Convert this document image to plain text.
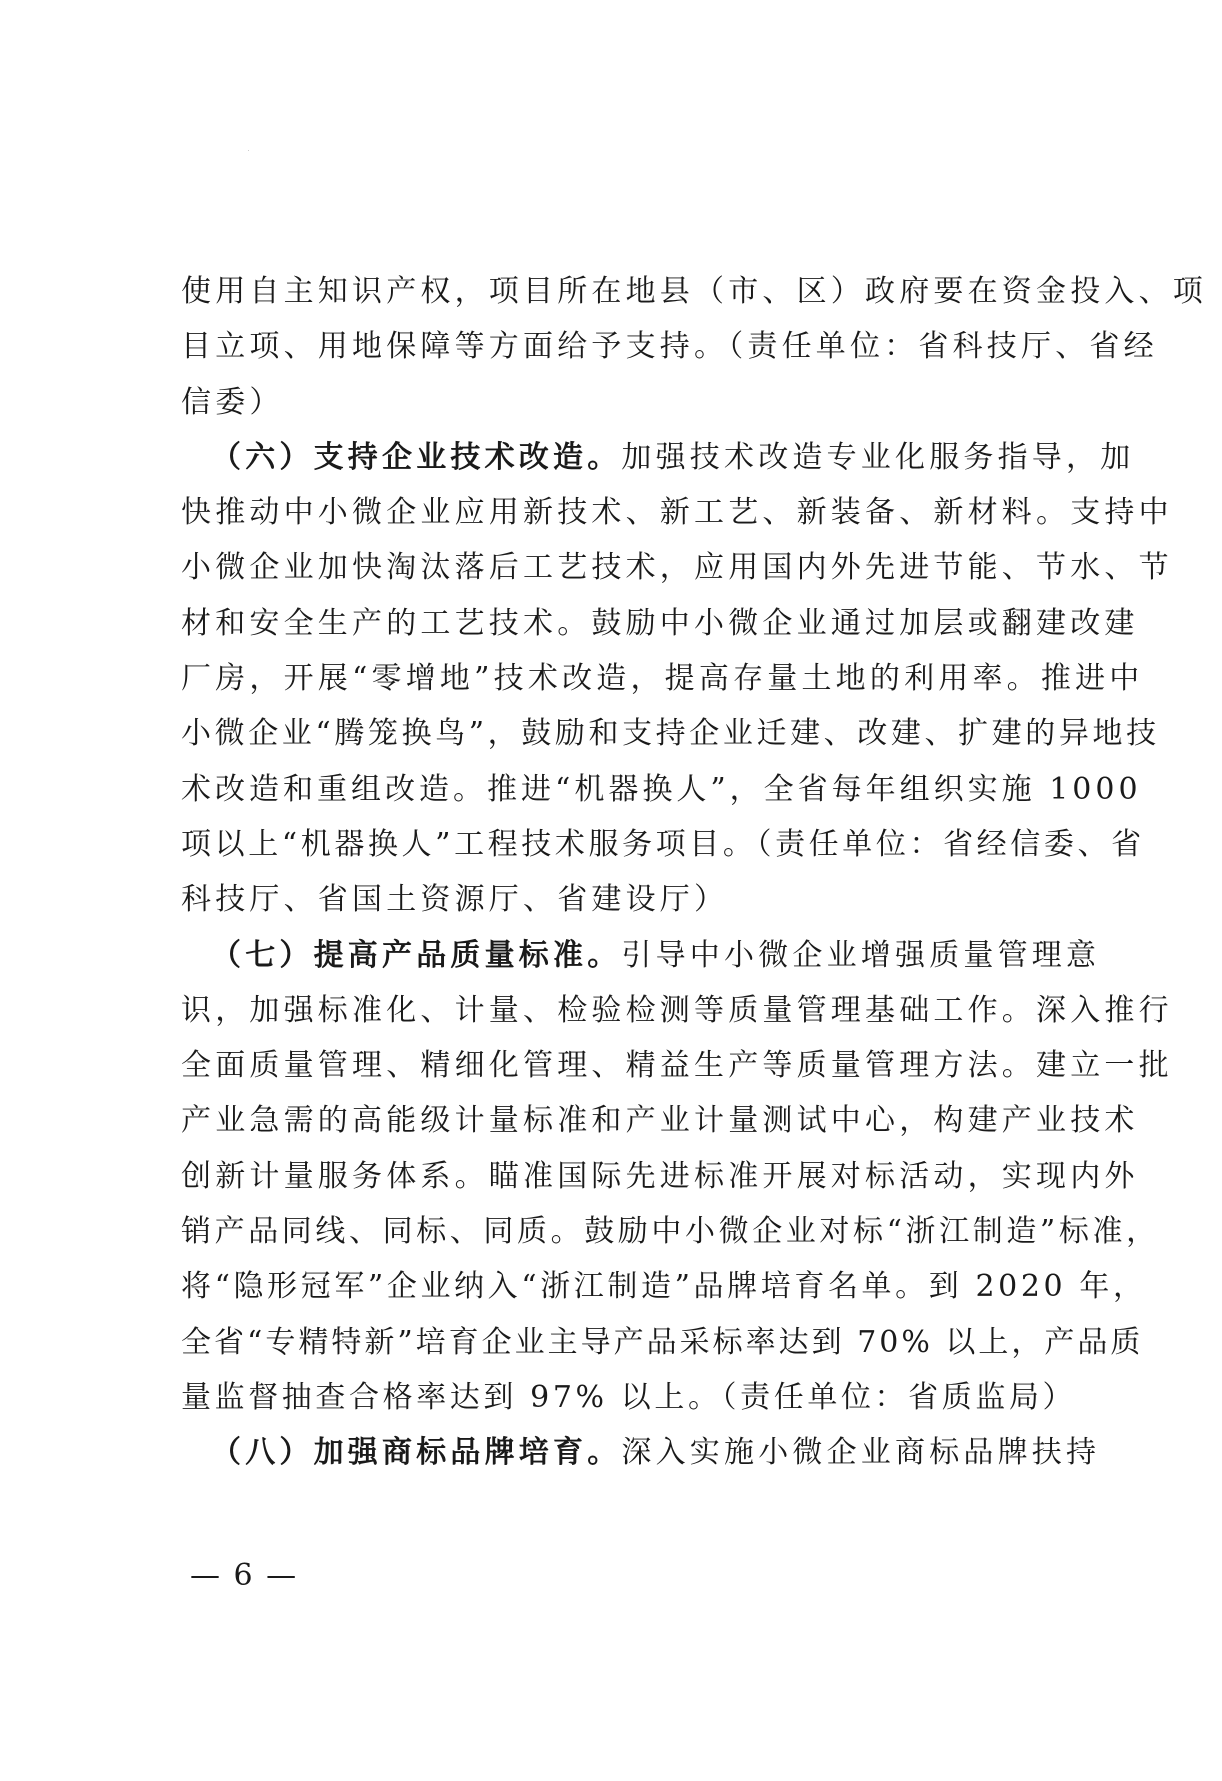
使用自主知识产权，项目所在地县（市、区）政府要在资金投入、项
目立项、用地保障等方面给予支持。（责任单位：省科技厅、省经
信委）
（六）支持企业技术改造。加强技术改造专业化服务指导，加
快推动中小微企业应用新技术、新工艺、新装备、新材料。支持中
小微企业加快淘汰落后工艺技术，应用国内外先进节能、节水、节
材和安全生产的工艺技术。鼓励中小微企业通过加层或翻建改建
厂房，开展“零增地”技术改造，提高存量土地的利用率。推进中
小微企业“腾笼换鸟”，鼓励和支持企业迁建、改建、扩建的异地技
术改造和重组改造。推进“机器换人”，全省每年组织实施 1000
项以上“机器换人”工程技术服务项目。（责任单位：省经信委、省
科技厅、省国土资源厅、省建设厅）
（七）提高产品质量标准。引导中小微企业增强质量管理意
识，加强标准化、计量、检验检测等质量管理基础工作。深入推行
全面质量管理、精细化管理、精益生产等质量管理方法。建立一批
产业急需的高能级计量标准和产业计量测试中心，构建产业技术
创新计量服务体系。瞄准国际先进标准开展对标活动，实现内外
销产品同线、同标、同质。鼓励中小微企业对标“浙江制造”标准，
将“隐形冠军”企业纳入“浙江制造”品牌培育名单。到 2020 年，
全省“专精特新”培育企业主导产品采标率达到 70% 以上，产品质
量监督抽查合格率达到 97% 以上。（责任单位：省质监局）
（八）加强商标品牌培育。深入实施小微企业商标品牌扶持
— 6 —
